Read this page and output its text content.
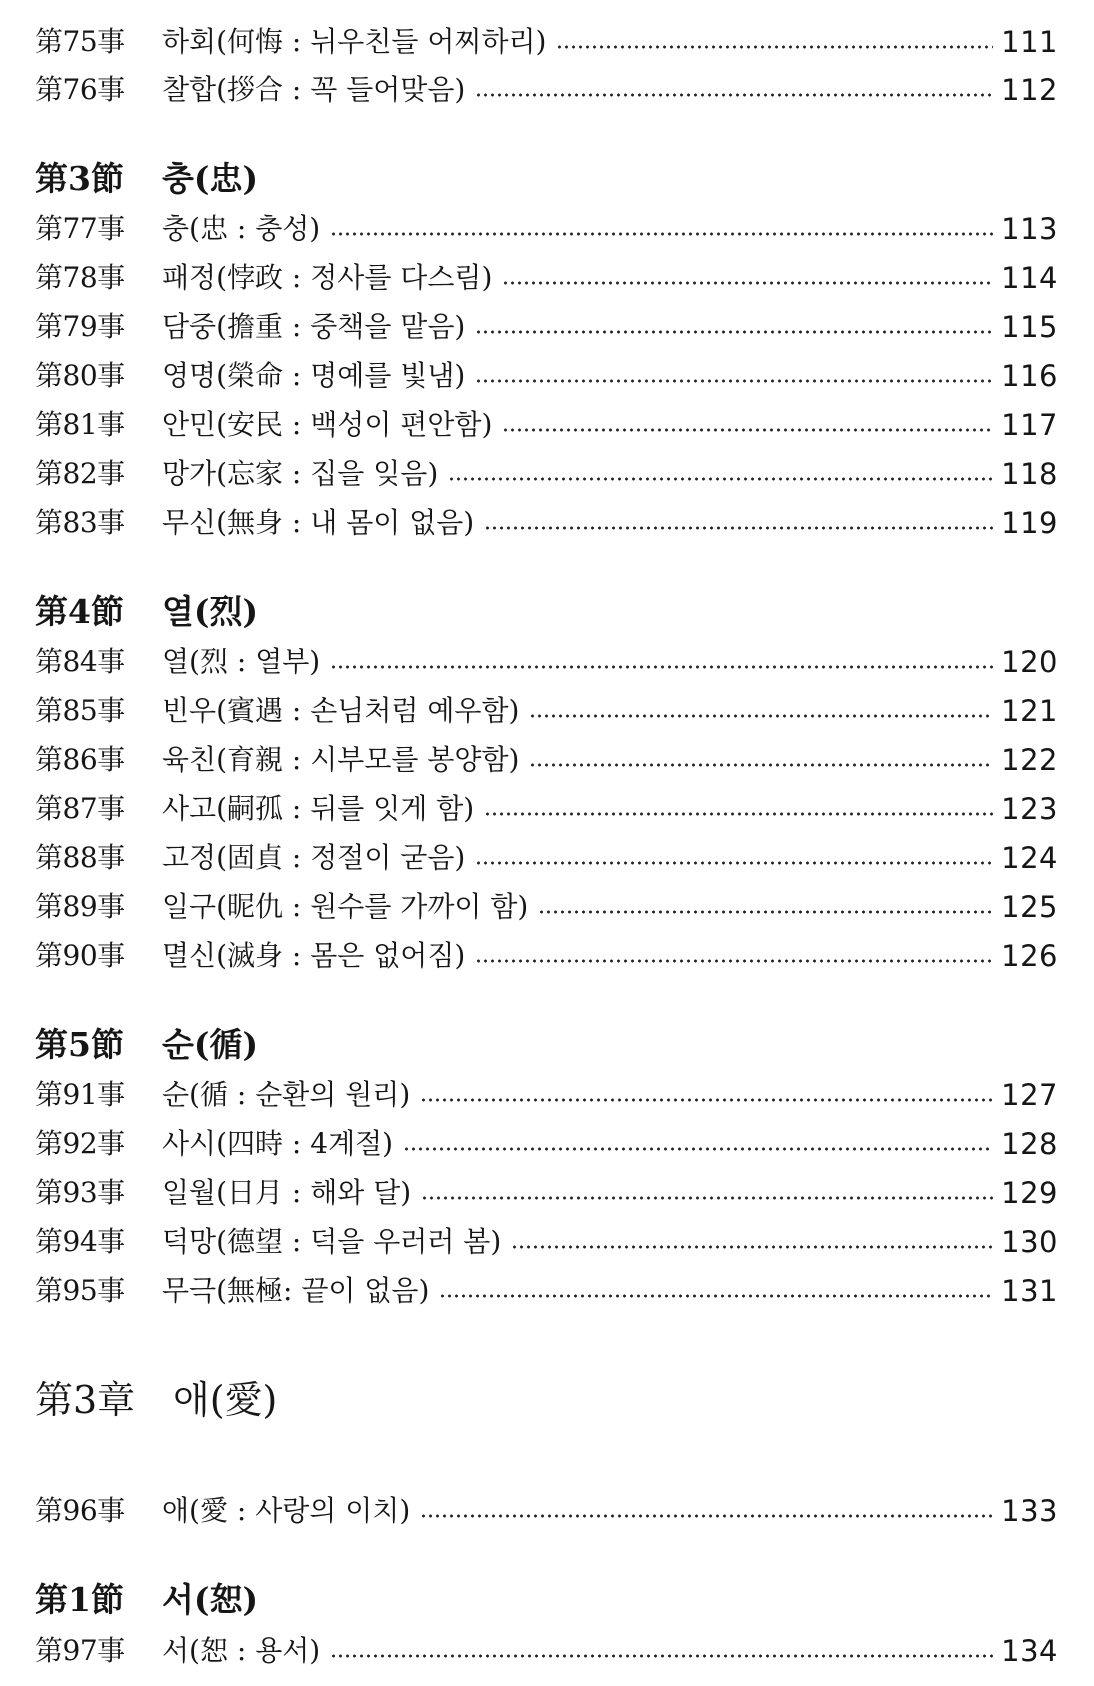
第75事	하회(何悔 : 뉘우친들 어찌하리)	111
第76事	찰합(拶合 : 꼭 들어맞음)	112
第3節	충(忠)
第77事	충(忠 : 충성)	113
第78事	패정(悖政 : 정사를 다스림)	114
第79事	담중(擔重 : 중책을 맡음)	115
第80事	영명(榮命 : 명예를 빛냄)	116
第81事	안민(安民 : 백성이 편안함)	117
第82事	망가(忘家 : 집을 잊음)	118
第83事	무신(無身 : 내 몸이 없음)	119
第4節	열(烈)
第84事	열(烈 : 열부)	120
第85事	빈우(賓遇 : 손님처럼 예우함)	121
第86事	육친(育親 : 시부모를 봉양함)	122
第87事	사고(嗣孤 : 뒤를 잇게 함)	123
第88事	고정(固貞 : 정절이 굳음)	124
第89事	일구(昵仇 : 원수를 가까이 함)	125
第90事	멸신(滅身 : 몸은 없어짐)	126
第5節	순(循)
第91事	순(循 : 순환의 원리)	127
第92事	사시(四時 : 4계절)	128
第93事	일월(日月 : 해와 달)	129
第94事	덕망(德望 : 덕을 우러러 봄)	130
第95事	무극(無極: 끝이 없음)	131
第3章 애(愛)
第96事	애(愛 : 사랑의 이치)	133
第1節	서(恕)
第97事	서(恕 : 용서)	134
